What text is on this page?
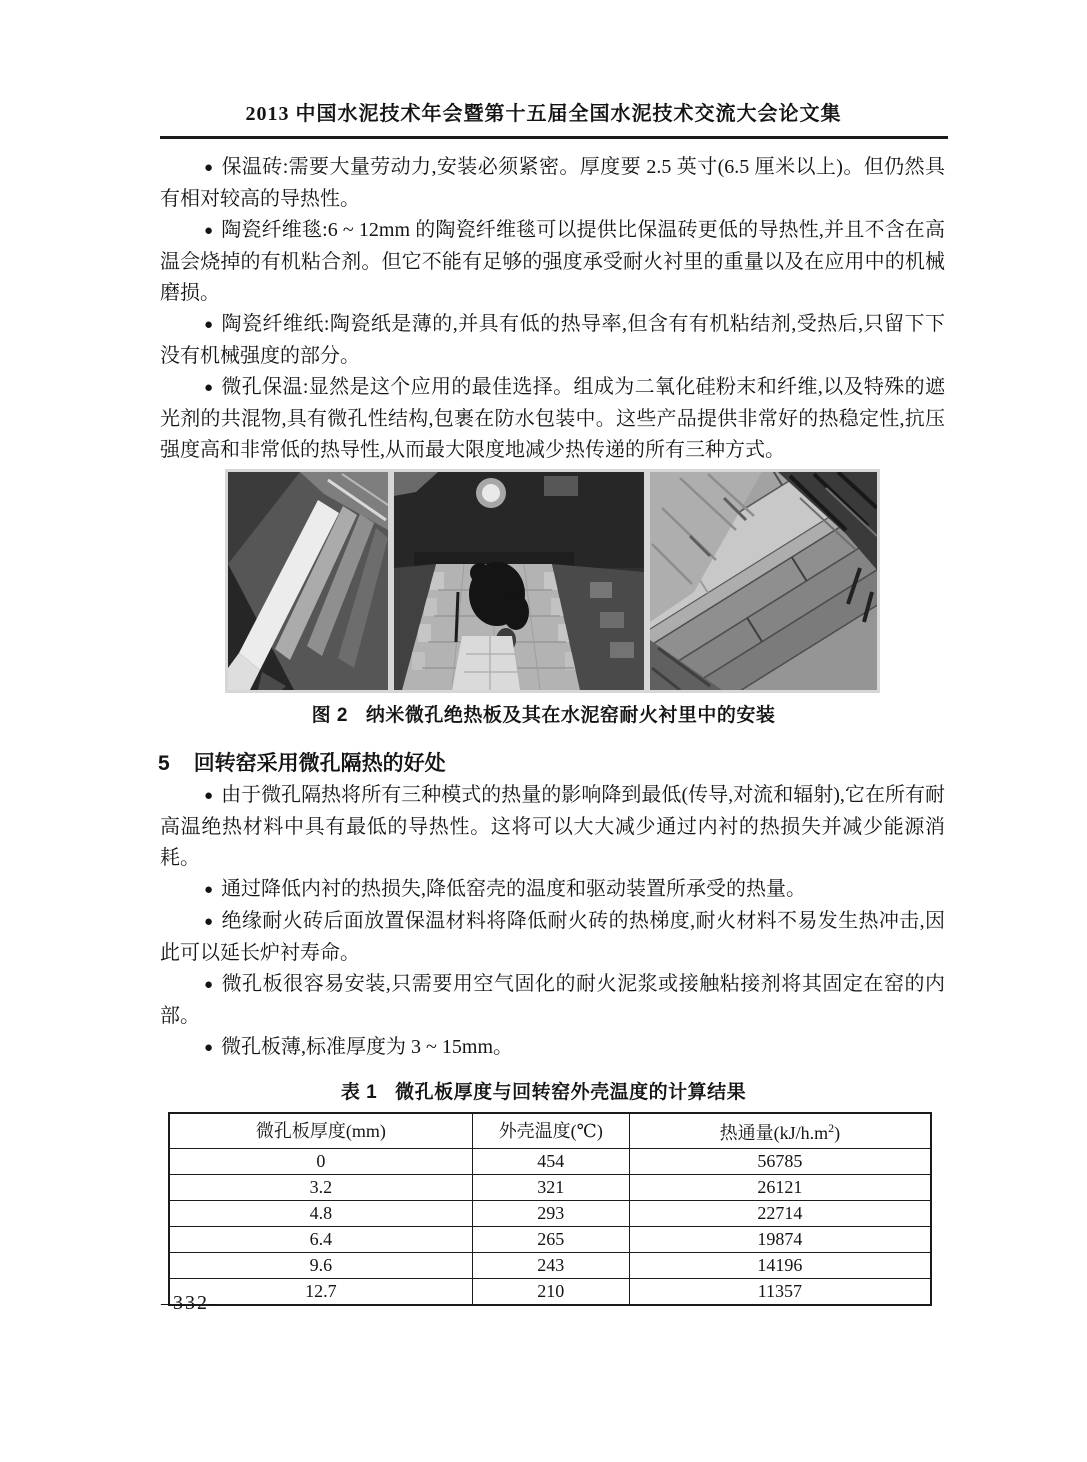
2013 中国水泥技术年会暨第十五届全国水泥技术交流大会论文集

● 保温砖:需要大量劳动力,安装必须紧密。厚度要 2.5 英寸(6.5 厘米以上)。但仍然具有相对较高的导热性。

● 陶瓷纤维毯:6 ~ 12mm 的陶瓷纤维毯可以提供比保温砖更低的导热性,并且不含在高温会烧掉的有机粘合剂。但它不能有足够的强度承受耐火衬里的重量以及在应用中的机械磨损。

● 陶瓷纤维纸:陶瓷纸是薄的,并具有低的热导率,但含有有机粘结剂,受热后,只留下下没有机械强度的部分。

● 微孔保温:显然是这个应用的最佳选择。组成为二氧化硅粉末和纤维,以及特殊的遮光剂的共混物,具有微孔性结构,包裹在防水包装中。这些产品提供非常好的热稳定性,抗压强度高和非常低的热导性,从而最大限度地减少热传递的所有三种方式。

图 2 纳米微孔绝热板及其在水泥窑耐火衬里中的安装
5 回转窑采用微孔隔热的好处

● 由于微孔隔热将所有三种模式的热量的影响降到最低(传导,对流和辐射),它在所有耐高温绝热材料中具有最低的导热性。这将可以大大减少通过内衬的热损失并减少能源消耗。

● 通过降低内衬的热损失,降低窑壳的温度和驱动装置所承受的热量。

● 绝缘耐火砖后面放置保温材料将降低耐火砖的热梯度,耐火材料不易发生热冲击,因此可以延长炉衬寿命。

● 微孔板很容易安装,只需要用空气固化的耐火泥浆或接触粘接剂将其固定在窑的内部。

● 微孔板薄,标准厚度为 3 ~ 15mm。

表 1 微孔板厚度与回转窑外壳温度的计算结果
微孔板厚度(mm)	外壳温度(℃)	热通量$(kJ/h.m^2)$
0	454	56785
3.2	321	26121
4.8	293	22714
6.4	265	19874
9.6	243	14196
12.7	210	11357
–332–
